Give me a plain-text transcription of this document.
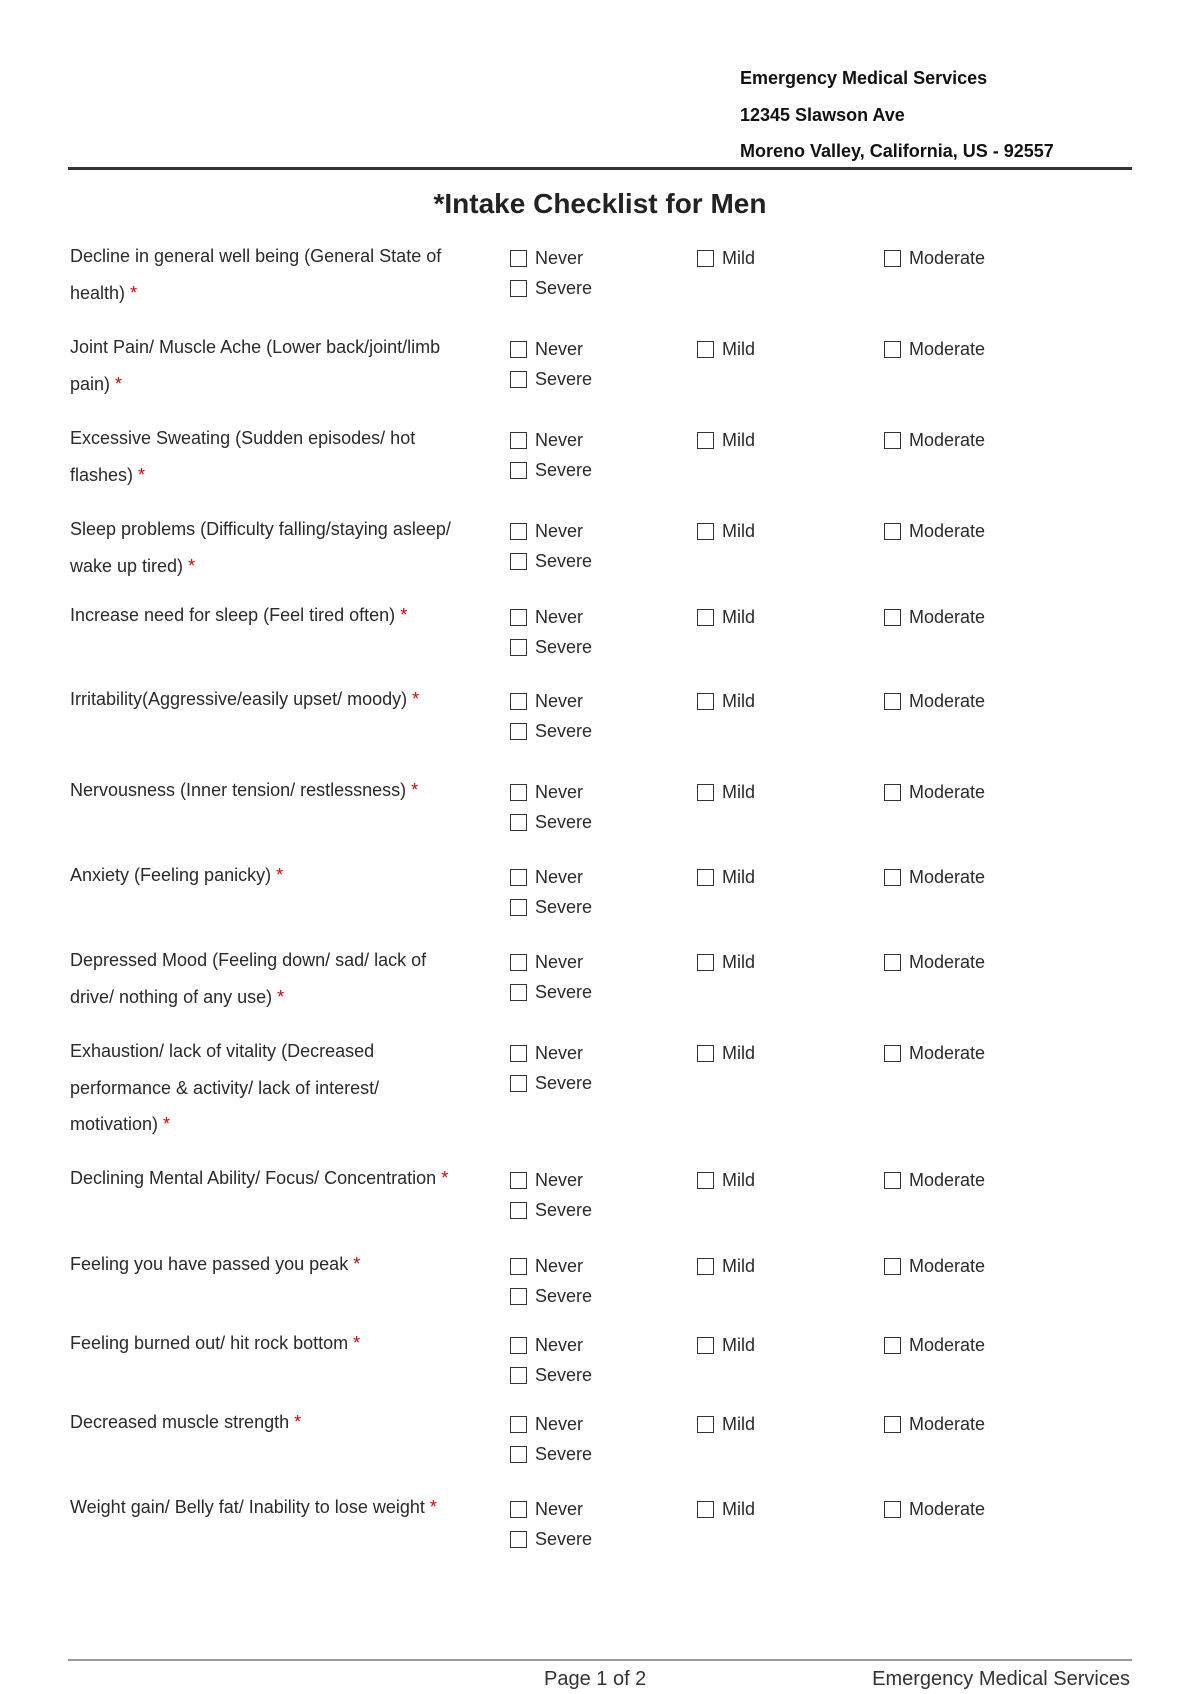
Emergency Medical Services
12345 Slawson Ave
Moreno Valley, California, US - 92557
*Intake Checklist for Men
Decline in general well being (General State of health) *
Never	Mild	Moderate
Severe
Joint Pain/ Muscle Ache (Lower back/joint/limb pain) *
Never	Mild	Moderate
Severe
Excessive Sweating (Sudden episodes/ hot flashes) *
Never	Mild	Moderate
Severe
Sleep problems (Difficulty falling/staying asleep/ wake up tired) *
Never	Mild	Moderate
Severe
Increase need for sleep (Feel tired often) *	Never	Mild	Moderate
Severe
Irritability(Aggressive/easily upset/ moody) *	Never	Mild	Moderate
Severe
Nervousness (Inner tension/ restlessness) *	Never	Mild	Moderate
Severe
Anxiety (Feeling panicky) *	Never	Mild	Moderate
Severe
Depressed Mood (Feeling down/ sad/ lack of drive/ nothing of any use) *
Never	Mild	Moderate
Severe
Exhaustion/ lack of vitality (Decreased performance & activity/ lack of interest/ motivation) *
Never	Mild	Moderate
Severe
Declining Mental Ability/ Focus/ Concentration *	Never	Mild	Moderate
Severe
Feeling you have passed you peak *	Never	Mild	Moderate
Severe
Feeling burned out/ hit rock bottom *	Never	Mild	Moderate
Severe
Decreased muscle strength *	Never	Mild	Moderate
Severe
Weight gain/ Belly fat/ Inability to lose weight *	Never	Mild	Moderate
Severe
Page 1 of 2	Emergency Medical Services
